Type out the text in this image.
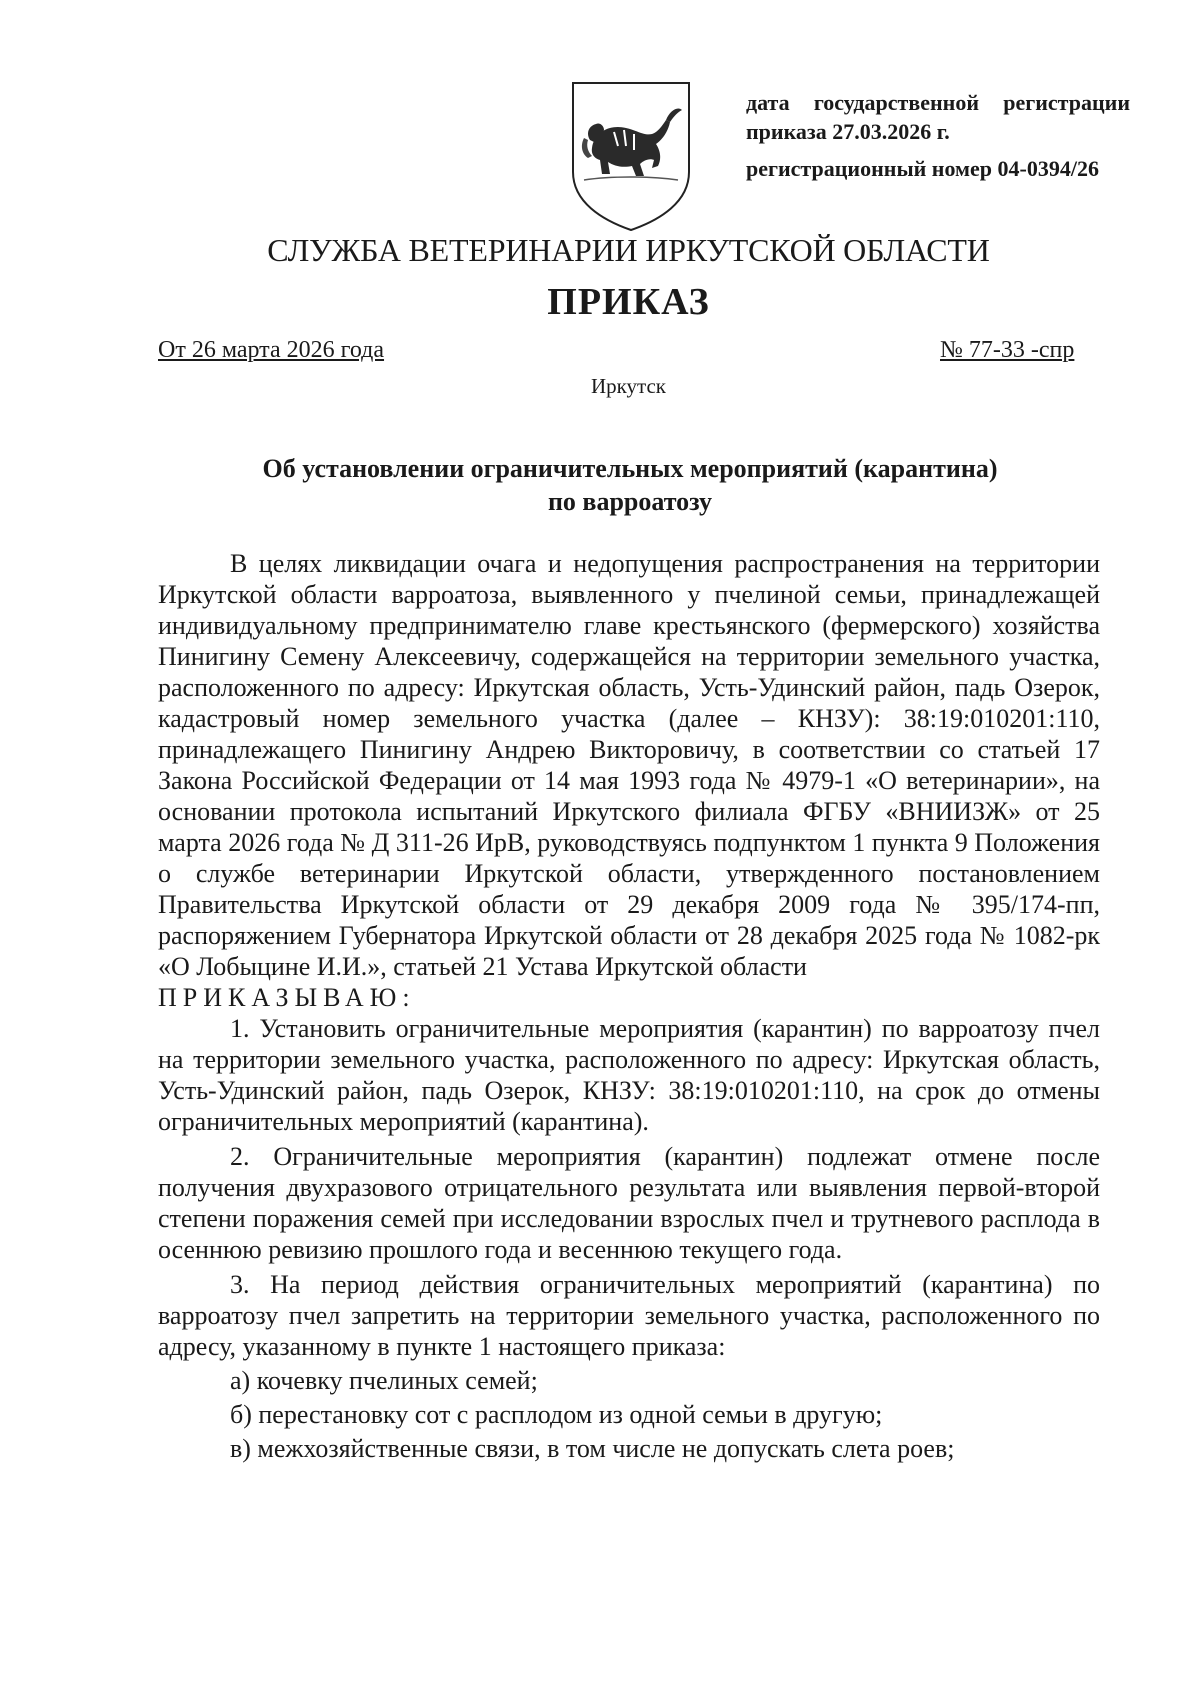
дата государственной регистрации
приказа 27.03.2026 г.
регистрационный номер 04-0394/26
СЛУЖБА ВЕТЕРИНАРИИ ИРКУТСКОЙ ОБЛАСТИ
ПРИКАЗ
От 26 марта 2026 года	№ 77-33 -спр
Иркутск
Об установлении ограничительных мероприятий (карантина)
по варроатозу

В целях ликвидации очага и недопущения распространения на территории Иркутской области варроатоза, выявленного у пчелиной семьи, принадлежащей индивидуальному предпринимателю главе крестьянского (фермерского) хозяйства Пинигину Семену Алексеевичу, содержащейся на территории земельного участка, расположенного по адресу: Иркутская область, Усть-Удинский район, падь Озерок, кадастровый номер земельного участка (далее – КНЗУ): 38:19:010201:110, принадлежащего Пинигину Андрею Викторовичу, в соответствии со статьей 17 Закона Российской Федерации от 14 мая 1993 года № 4979-1 «О ветеринарии», на основании протокола испытаний Иркутского филиала ФГБУ «ВНИИЗЖ» от 25 марта 2026 года № Д 311-26 ИрВ, руководствуясь подпунктом 1 пункта 9 Положения о службе ветеринарии Иркутской области, утвержденного постановлением Правительства Иркутской области от 29 декабря 2009 года № 395/174-пп, распоряжением Губернатора Иркутской области от 28 декабря 2025 года № 1082-рк «О Лобыцине И.И.», статьей 21 Устава Иркутской области

ПРИКАЗЫВАЮ:

1. Установить ограничительные мероприятия (карантин) по варроатозу пчел на территории земельного участка, расположенного по адресу: Иркутская область, Усть-Удинский район, падь Озерок, КНЗУ: 38:19:010201:110, на срок до отмены ограничительных мероприятий (карантина).

2. Ограничительные мероприятия (карантин) подлежат отмене после получения двухразового отрицательного результата или выявления первой-второй степени поражения семей при исследовании взрослых пчел и трутневого расплода в осеннюю ревизию прошлого года и весеннюю текущего года.

3. На период действия ограничительных мероприятий (карантина) по варроатозу пчел запретить на территории земельного участка, расположенного по адресу, указанному в пункте 1 настоящего приказа:

а) кочевку пчелиных семей;

б) перестановку сот с расплодом из одной семьи в другую;

в) межхозяйственные связи, в том числе не допускать слета роев;
